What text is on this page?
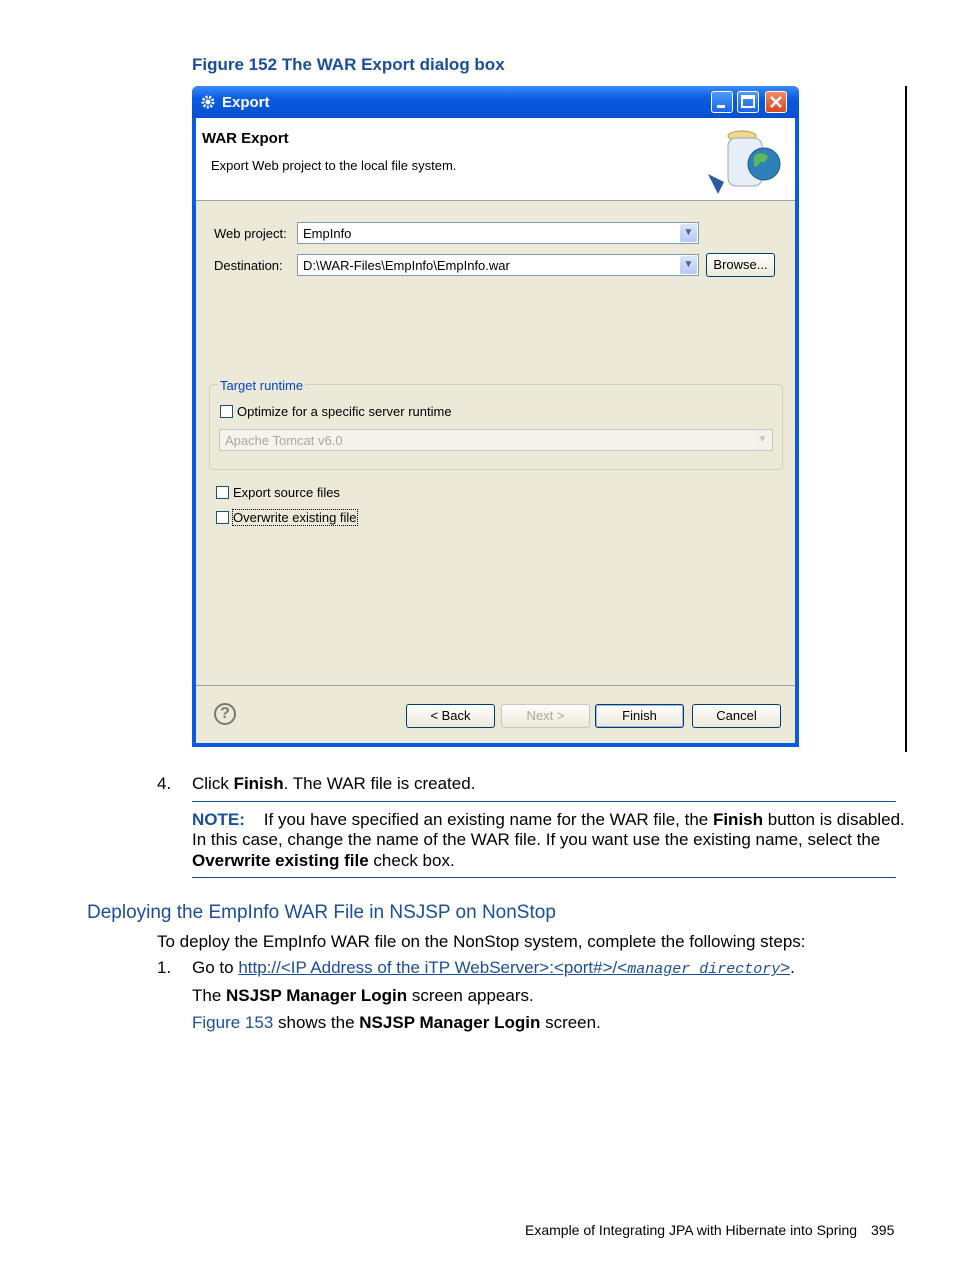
Figure 152 The WAR Export dialog box
Export
WAR Export
Export Web project to the local file system.
Web project:	EmpInfo	▼
Destination:	D:\WAR-Files\EmpInfo\EmpInfo.war	▼	Browse...
Target runtime
Optimize for a specific server runtime
Apache Tomcat v6.0	▼
Export source files
Overwrite existing file
?	< Back	Next >	Finish	Cancel
4. Click Finish. The WAR file is created.
NOTE: If you have specified an existing name for the WAR file, the Finish button is disabled.
In this case, change the name of the WAR file. If you want use the existing name, select the
Overwrite existing file check box.
Deploying the EmpInfo WAR File in NSJSP on NonStop
To deploy the EmpInfo WAR file on the NonStop system, complete the following steps:
1. Go to http://<IP Address of the iTP WebServer>:<port#>/<manager directory>.
The NSJSP Manager Login screen appears.
Figure 153 shows the NSJSP Manager Login screen.
Example of Integrating JPA with Hibernate into Spring 395
